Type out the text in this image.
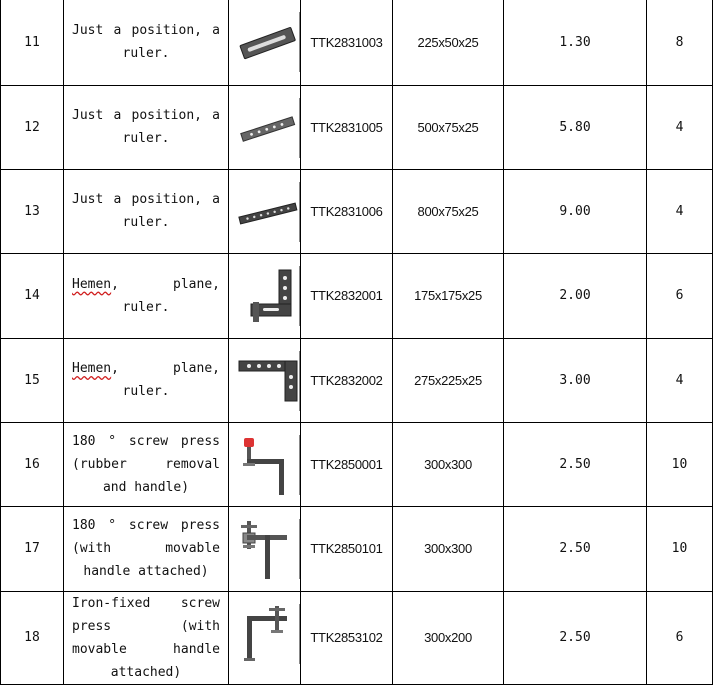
11	Just a position, a ruler.		TTK2831003	225x50x25	1.30	8
12	Just a position, a ruler.		TTK2831005	500x75x25	5.80	4
13	Just a position, a ruler.		TTK2831006	800x75x25	9.00	4
14	Hemen, plane, ruler.		TTK2832001	175x175x25	2.00	6
15	Hemen, plane, ruler.		TTK2832002	275x225x25	3.00	4
16	180 ° screw press (rubber removal and handle)		TTK2850001	300x300	2.50	10
17	180 ° screw press (with movable handle attached)		TTK2850101	300x300	2.50	10
18	Iron-fixed screw press (with movable handle attached)		TTK2853102	300x200	2.50	6
